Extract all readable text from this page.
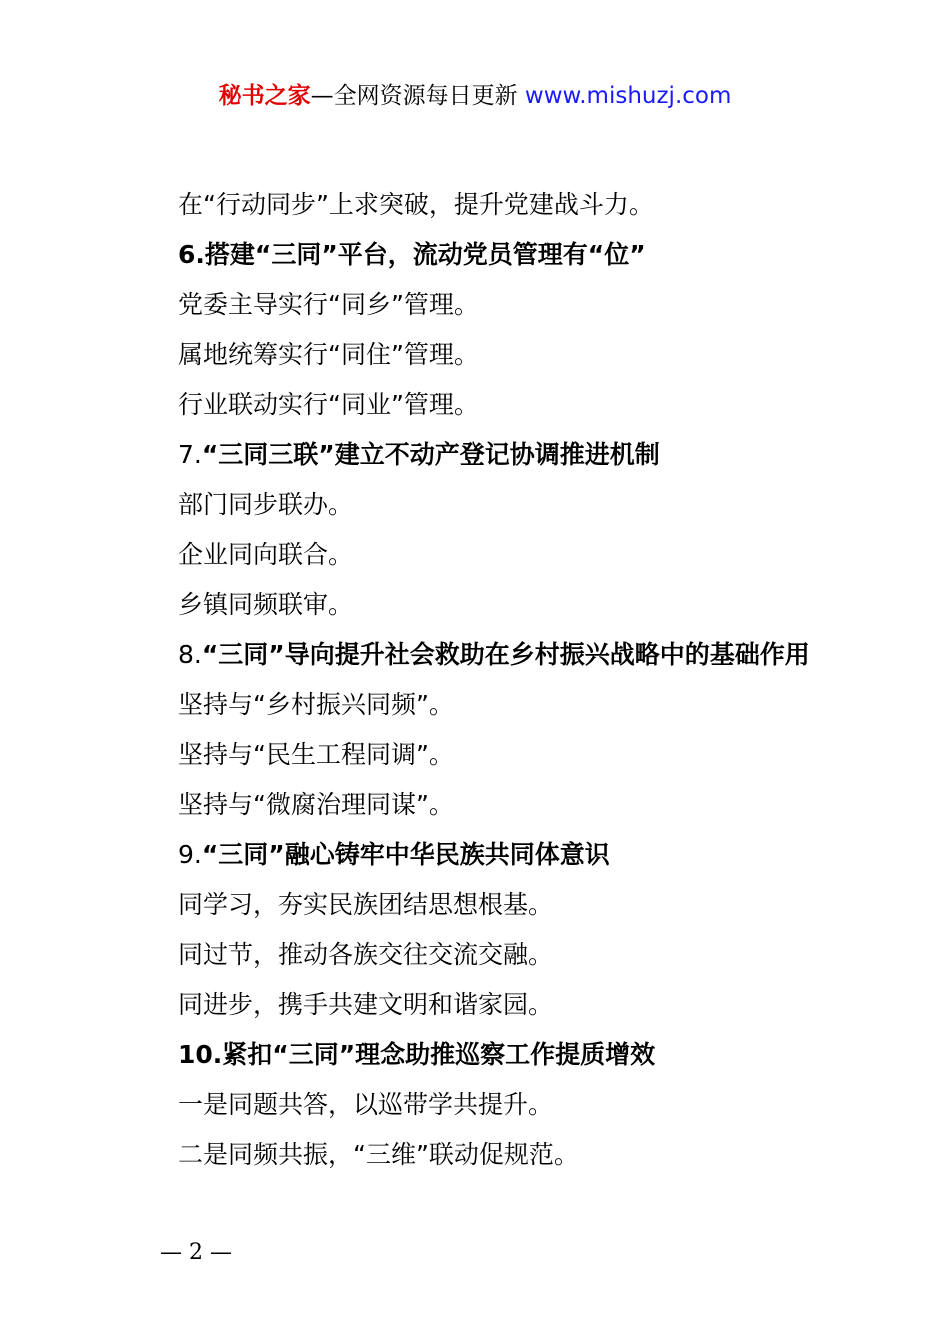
秘书之家—全网资源每日更新 www.mishuzj.com
在“行动同步”上求突破，提升党建战斗力。
6.搭建“三同”平台，流动党员管理有“位”
党委主导实行“同乡”管理。
属地统筹实行“同住”管理。
行业联动实行“同业”管理。
7.“三同三联”建立不动产登记协调推进机制
部门同步联办。
企业同向联合。
乡镇同频联审。
8.“三同”导向提升社会救助在乡村振兴战略中的基础作用
坚持与“乡村振兴同频”。
坚持与“民生工程同调”。
坚持与“微腐治理同谋”。
9.“三同”融心铸牢中华民族共同体意识
同学习，夯实民族团结思想根基。
同过节，推动各族交往交流交融。
同进步，携手共建文明和谐家园。
10.紧扣“三同”理念助推巡察工作提质增效
一是同题共答，以巡带学共提升。
二是同频共振，“三维”联动促规范。
— 2 —
